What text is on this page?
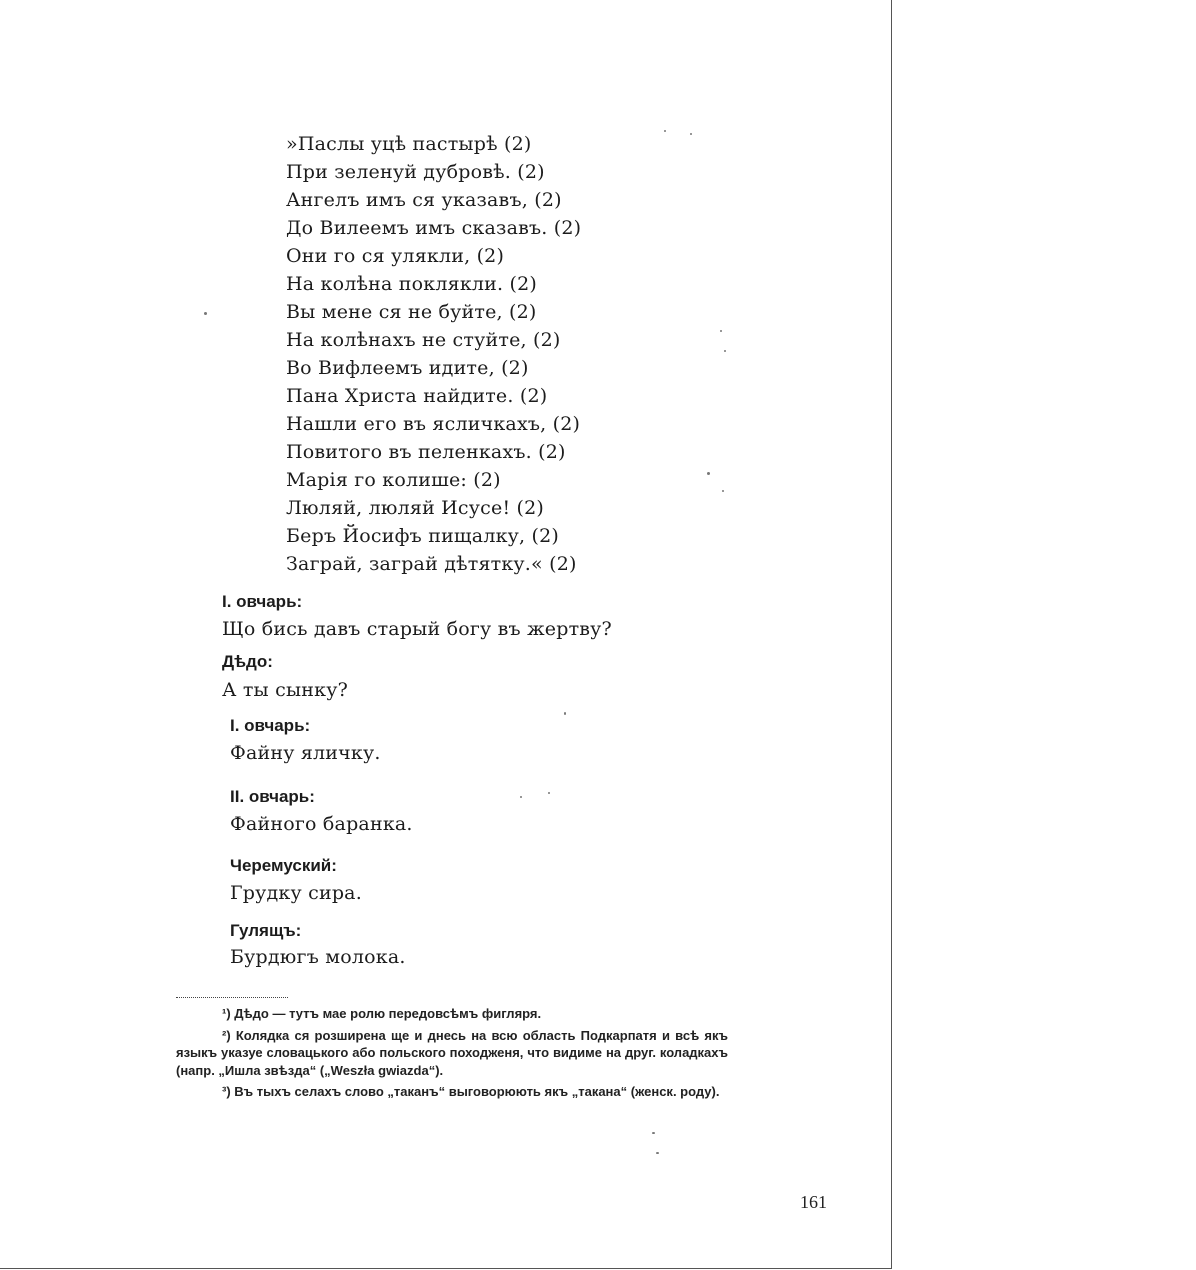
»Паслы уцѣ пастырѣ (2)
При зеленуй дубровѣ. (2)
Ангелъ имъ ся указавъ, (2)
До Вилеемъ имъ сказавъ. (2)
Они го ся улякли, (2)
На колѣна поклякли. (2)
Вы мене ся не буйте, (2)
На колѣнахъ не стуйте, (2)
Во Вифлеемъ идите, (2)
Пана Христа найдите. (2)
Нашли его въ ясличкахъ, (2)
Повитого въ пеленкахъ. (2)
Марія го колише: (2)
Люляй, люляй Исусе! (2)
Беръ Йосифъ пищалку, (2)
Заграй, заграй дѣтятку.« (2)
I. овчарь:
Що бись давъ старый богу въ жертву?
Дѣдо:
А ты сынку?
I. овчарь:
Файну яличку.
II. овчарь:
Файного баранка.
Черемуский:
Грудку сира.
Гулящъ:
Бурдюгъ молока.

¹) Дѣдо — тутъ мае ролю передовсѣмъ фигляря.

²) Колядка ся розширена ще и днесь на всю область Подкарпатя и всѣ якъ языкъ указуе словацького або польского походженя, что видиме на друг. коладкахъ (напр. „Ишла звѣзда“ („Weszła gwiazda“).

³) Въ тыхъ селахъ слово „таканъ“ выговорюють якъ „такана“ (женск. роду).

161
